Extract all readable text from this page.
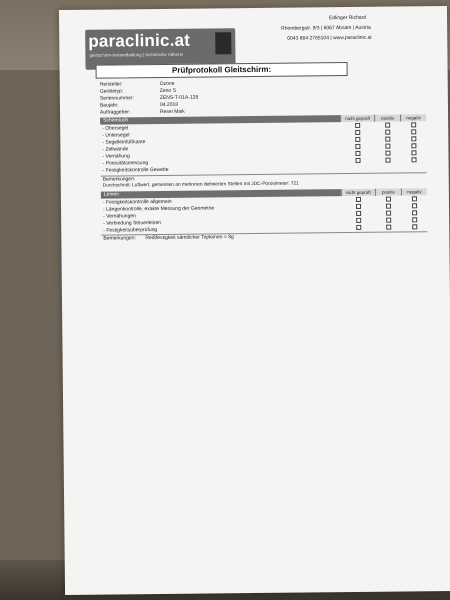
paraclinic.at
gleitschirm-instandhaltung | technische näherei
Edlinger Richard
Rhombergstr. 9/3 | 6067 Absam | Austria
0043 664 2765104 | www.paraclinic.at
Prüfprotokoll Gleitschirm:
Hersteller:	Ozone
Gerätetyp:	Zeno S
Seriennummer:	ZENS-T-01A-128
Baujahr:	04.2018
Auftraggeber:	Resei Maik
Schirmtuch	nicht geprüft	positiv	negativ
- Obersegel
- Untersegel
- Segelleinfüßkante
- Zellwände
- Vernähung
- Porositätsmessung
- Festigkeitskontrolle Gewebe
Bemerkungen:
Durchschnitt: Luftwert, gemessen an mehreren definierten Stellen mit JDC-Porosimeter: 721
Leinen	nicht geprüft	positiv	negativ
- Festigkeitskontrolle allgemein
- Längenkontrolle, exakte Messung der Geometrie
- Vernähungen
- Verbindung Steuerleinen
- Festigkeitsüberprüfung
Bemerkungen: Reißfestigkeit sämtlicher Topleinen > 8g
